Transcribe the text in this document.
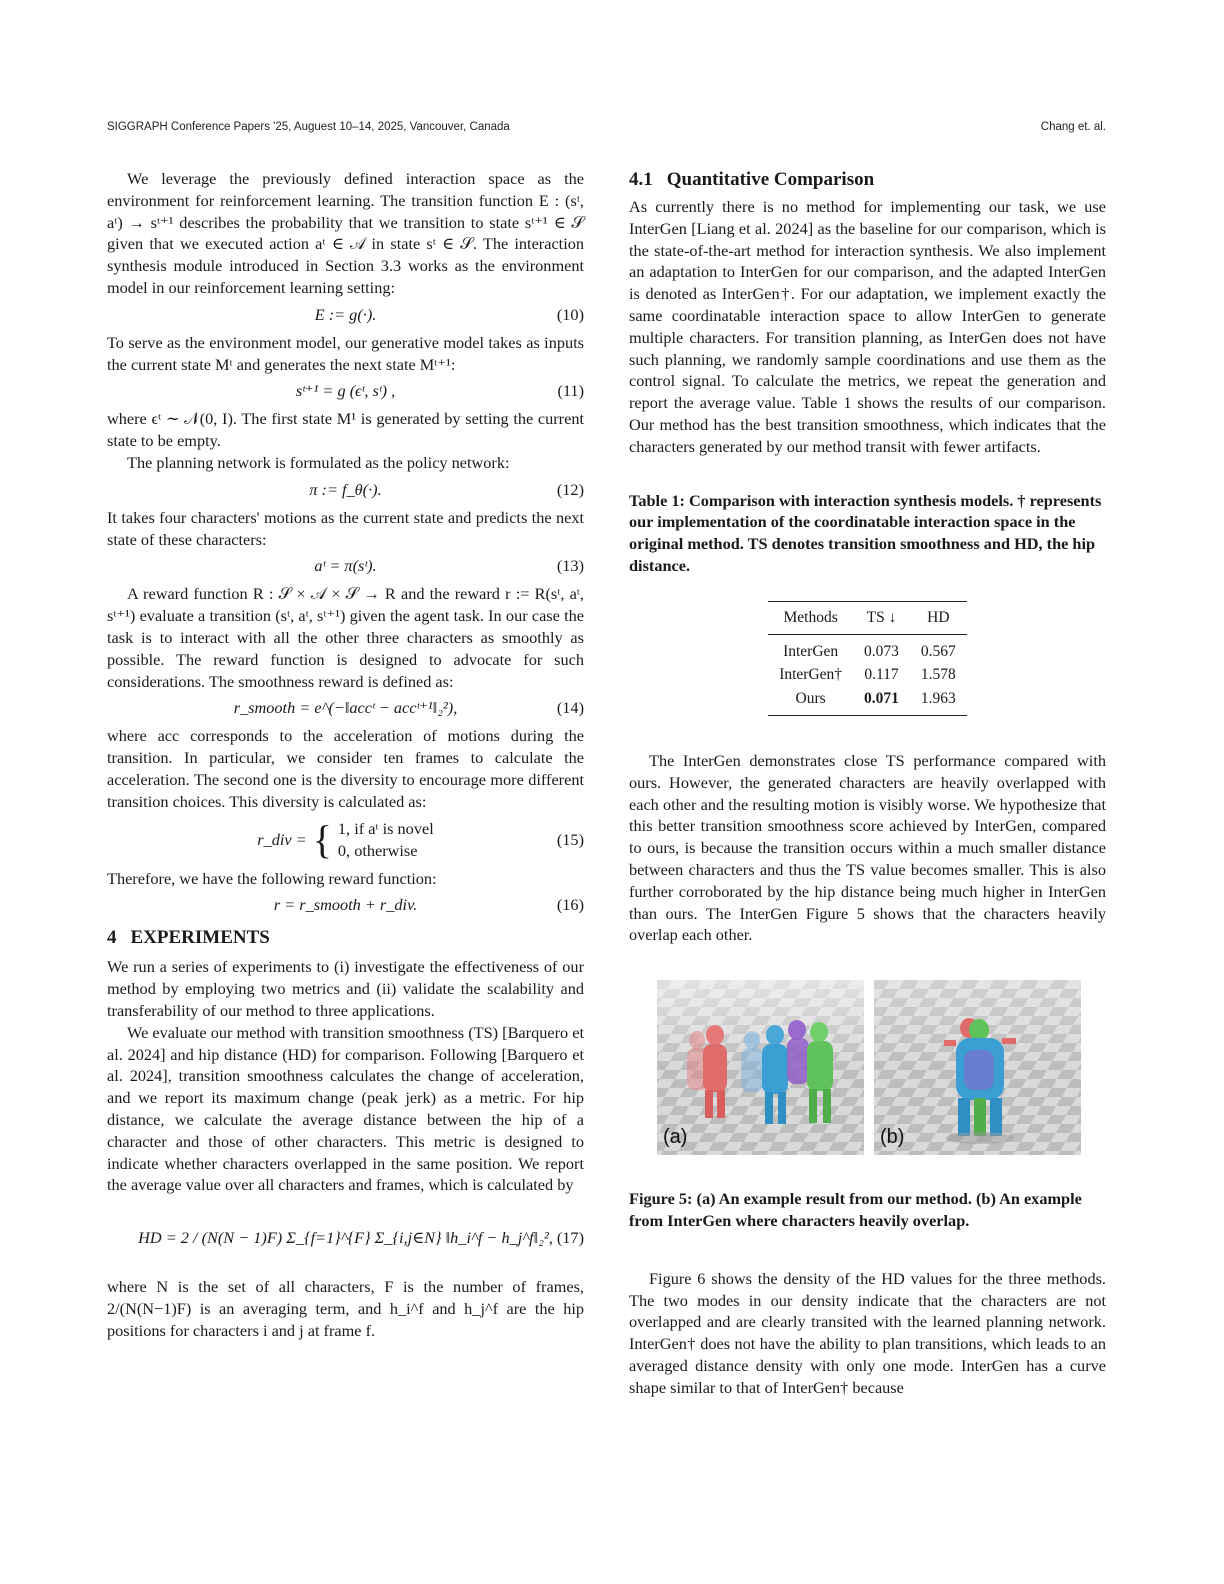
SIGGRAPH Conference Papers '25, Auguest 10–14, 2025, Vancouver, Canada	Chang et. al.

We leverage the previously defined interaction space as the environment for reinforcement learning. The transition function E : (sᵗ, aᵗ) → sᵗ⁺¹ describes the probability that we transition to state sᵗ⁺¹ ∈ 𝒮 given that we executed action aᵗ ∈ 𝒜 in state sᵗ ∈ 𝒮. The interaction synthesis module introduced in Section 3.3 works as the environment model in our reinforcement learning setting:

E := g(·).	(10)

To serve as the environment model, our generative model takes as inputs the current state Mᵗ and generates the next state Mᵗ⁺¹:

sᵗ⁺¹ = g (ϵᵗ, sᵗ) ,	(11)

where ϵᵗ ∼ 𝒩(0, I). The first state M¹ is generated by setting the current state to be empty.

The planning network is formulated as the policy network:

π := f_θ(·).	(12)

It takes four characters' motions as the current state and predicts the next state of these characters:

aᵗ = π(sᵗ).	(13)

A reward function R : 𝒮 × 𝒜 × 𝒮 → R and the reward r := R(sᵗ, aᵗ, sᵗ⁺¹) evaluate a transition (sᵗ, aᵗ, sᵗ⁺¹) given the agent task. In our case the task is to interact with all the other three characters as smoothly as possible. The reward function is designed to advocate for such considerations. The smoothness reward is defined as:

r_smooth = e^(−‖accᵗ − accᵗ⁺¹‖₂²),	(14)

where acc corresponds to the acceleration of motions during the transition. In particular, we consider ten frames to calculate the acceleration. The second one is the diversity to encourage more different transition choices. This diversity is calculated as:

r_div = { 1, if aᵗ is novel
0, otherwise
(15)

Therefore, we have the following reward function:

r = r_smooth + r_div.	(16)
4 EXPERIMENTS

We run a series of experiments to (i) investigate the effectiveness of our method by employing two metrics and (ii) validate the scalability and transferability of our method to three applications.

We evaluate our method with transition smoothness (TS) [Barquero et al. 2024] and hip distance (HD) for comparison. Following [Barquero et al. 2024], transition smoothness calculates the change of acceleration, and we report its maximum change (peak jerk) as a metric. For hip distance, we calculate the average distance between the hip of a character and those of other characters. This metric is designed to indicate whether characters overlapped in the same position. We report the average value over all characters and frames, which is calculated by

HD = 2 / (N(N − 1)F) Σ_{f=1}^{F} Σ_{i,j∈N} ‖h_i^f − h_j^f‖₂², (17)

where N is the set of all characters, F is the number of frames, 2/(N(N−1)F) is an averaging term, and h_i^f and h_j^f are the hip positions for characters i and j at frame f.

4.1 Quantitative Comparison

As currently there is no method for implementing our task, we use InterGen [Liang et al. 2024] as the baseline for our comparison, which is the state-of-the-art method for interaction synthesis. We also implement an adaptation to InterGen for our comparison, and the adapted InterGen is denoted as InterGen†. For our adaptation, we implement exactly the same coordinatable interaction space to allow InterGen to generate multiple characters. For transition planning, as InterGen does not have such planning, we randomly sample coordinations and use them as the control signal. To calculate the metrics, we repeat the generation and report the average value. Table 1 shows the results of our comparison. Our method has the best transition smoothness, which indicates that the characters generated by our method transit with fewer artifacts.

Table 1: Comparison with interaction synthesis models. † represents our implementation of the coordinatable interaction space in the original method. TS denotes transition smoothness and HD, the hip distance.

Methods	TS ↓	HD
InterGen	0.073	0.567
InterGen†	0.117	1.578
Ours	0.071	1.963

The InterGen demonstrates close TS performance compared with ours. However, the generated characters are heavily overlapped with each other and the resulting motion is visibly worse. We hypothesize that this better transition smoothness score achieved by InterGen, compared to ours, is because the transition occurs within a much smaller distance between characters and thus the TS value becomes smaller. This is also further corroborated by the hip distance being much higher in InterGen than ours. The InterGen Figure 5 shows that the characters heavily overlap each other.

(a)	(b)

Figure 5: (a) An example result from our method. (b) An example from InterGen where characters heavily overlap.

Figure 6 shows the density of the HD values for the three methods. The two modes in our density indicate that the characters are not overlapped and are clearly transited with the learned planning network. InterGen† does not have the ability to plan transitions, which leads to an averaged distance density with only one mode. InterGen has a curve shape similar to that of InterGen† because
